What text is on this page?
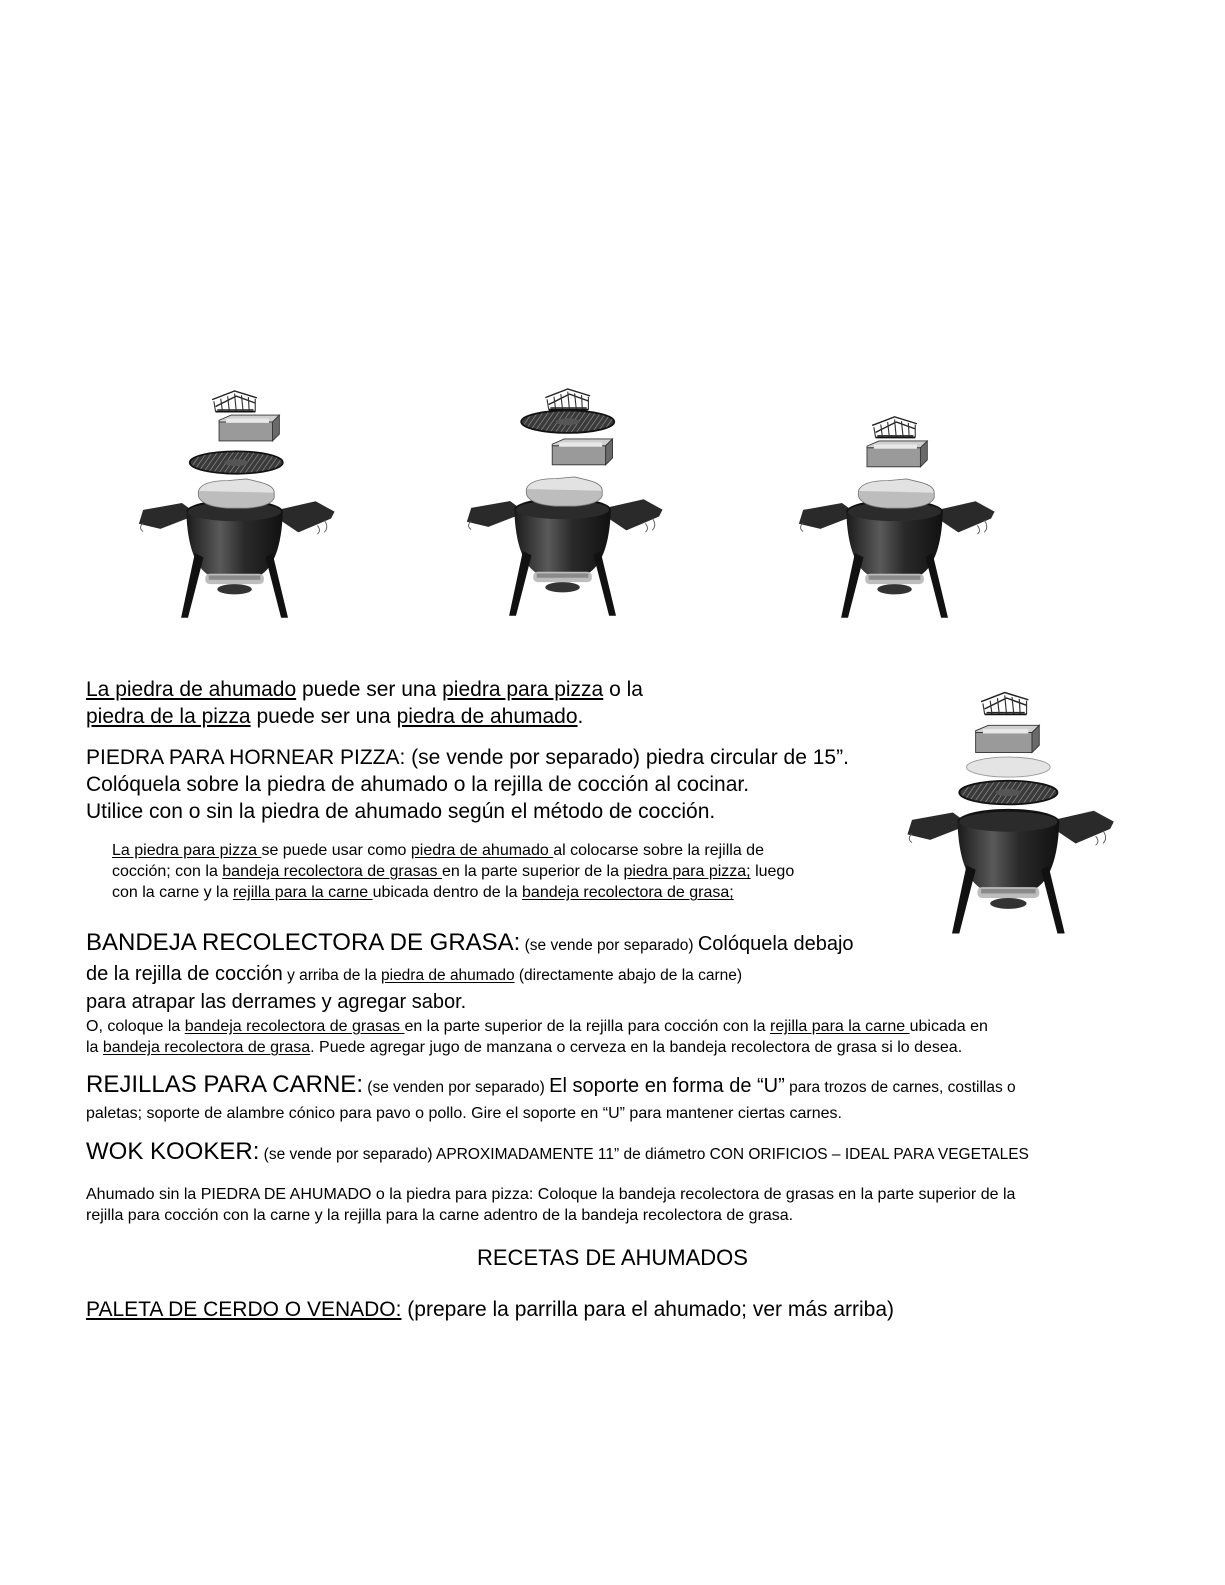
La piedra de ahumado puede ser una piedra para pizza o la
piedra de la pizza puede ser una piedra de ahumado.
PIEDRA PARA HORNEAR PIZZA: (se vende por separado) piedra circular de 15”.
Colóquela sobre la piedra de ahumado o la rejilla de cocción al cocinar.
Utilice con o sin la piedra de ahumado según el método de cocción.
La piedra para pizza se puede usar como piedra de ahumado al colocarse sobre la rejilla de
cocción; con la bandeja recolectora de grasas en la parte superior de la piedra para pizza; luego
con la carne y la rejilla para la carne ubicada dentro de la bandeja recolectora de grasa;
BANDEJA RECOLECTORA DE GRASA: (se vende por separado) Colóquela debajo
de la rejilla de cocción y arriba de la piedra de ahumado (directamente abajo de la carne)
para atrapar las derrames y agregar sabor.
O, coloque la bandeja recolectora de grasas en la parte superior de la rejilla para cocción con la rejilla para la carne ubicada en
la bandeja recolectora de grasa. Puede agregar jugo de manzana o cerveza en la bandeja recolectora de grasa si lo desea.
REJILLAS PARA CARNE: (se venden por separado) El soporte en forma de “U” para trozos de carnes, costillas o
paletas; soporte de alambre cónico para pavo o pollo. Gire el soporte en “U” para mantener ciertas carnes.
WOK KOOKER: (se vende por separado) APROXIMADAMENTE 11” de diámetro CON ORIFICIOS – IDEAL PARA VEGETALES
Ahumado sin la PIEDRA DE AHUMADO o la piedra para pizza: Coloque la bandeja recolectora de grasas en la parte superior de la
rejilla para cocción con la carne y la rejilla para la carne adentro de la bandeja recolectora de grasa.
RECETAS DE AHUMADOS
PALETA DE CERDO O VENADO: (prepare la parrilla para el ahumado; ver más arriba)
